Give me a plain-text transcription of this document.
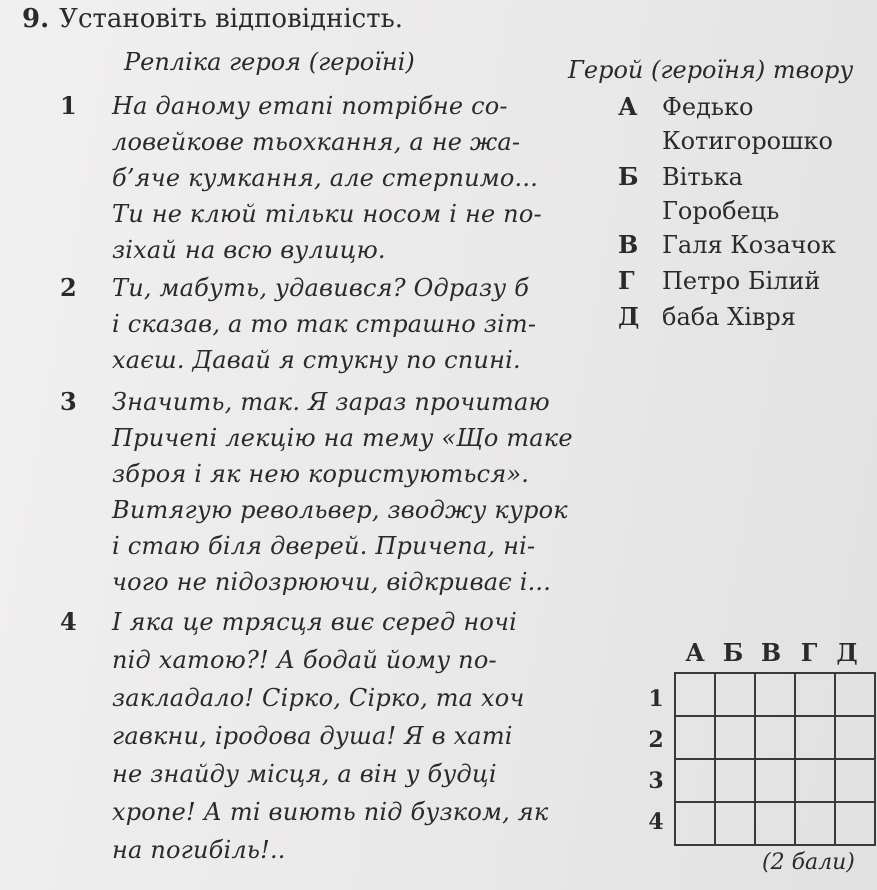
9. Установіть відповідність.
Репліка героя (героїні)	Герой (героїня) твору
1 На даному етапі потрібне со-
ловейкове тьохкання, а не жа-
б’яче кумкання, але стерпимо...
Ти не клюй тільки носом і не по-
зіхай на всю вулицю.
2 Ти, мабуть, удавився? Одразу б
і сказав, а то так страшно зіт-
хаєш. Давай я стукну по спині.
3 Значить, так. Я зараз прочитаю
Причепі лекцію на тему «Що таке
зброя і як нею користуються».
Витягую револьвер, зводжу курок
і стаю біля дверей. Причепа, ні-
чого не підозрюючи, відкриває і...
4 І яка це трясця виє серед ночі
під хатою?! А бодай йому по-
закладало! Сірко, Сірко, та хоч
гавкни, іродова душа! Я в хаті
не знайду місця, а він у будці
хропе! А ті виють під бузком, як
на погибіль!..
А Федько
Котигорошко
Б Вітька
Горобець
В Галя Козачок
Г Петро Білий
Д баба Хівря
А Б В Г Д
1
2
3
4

(2 бали)
